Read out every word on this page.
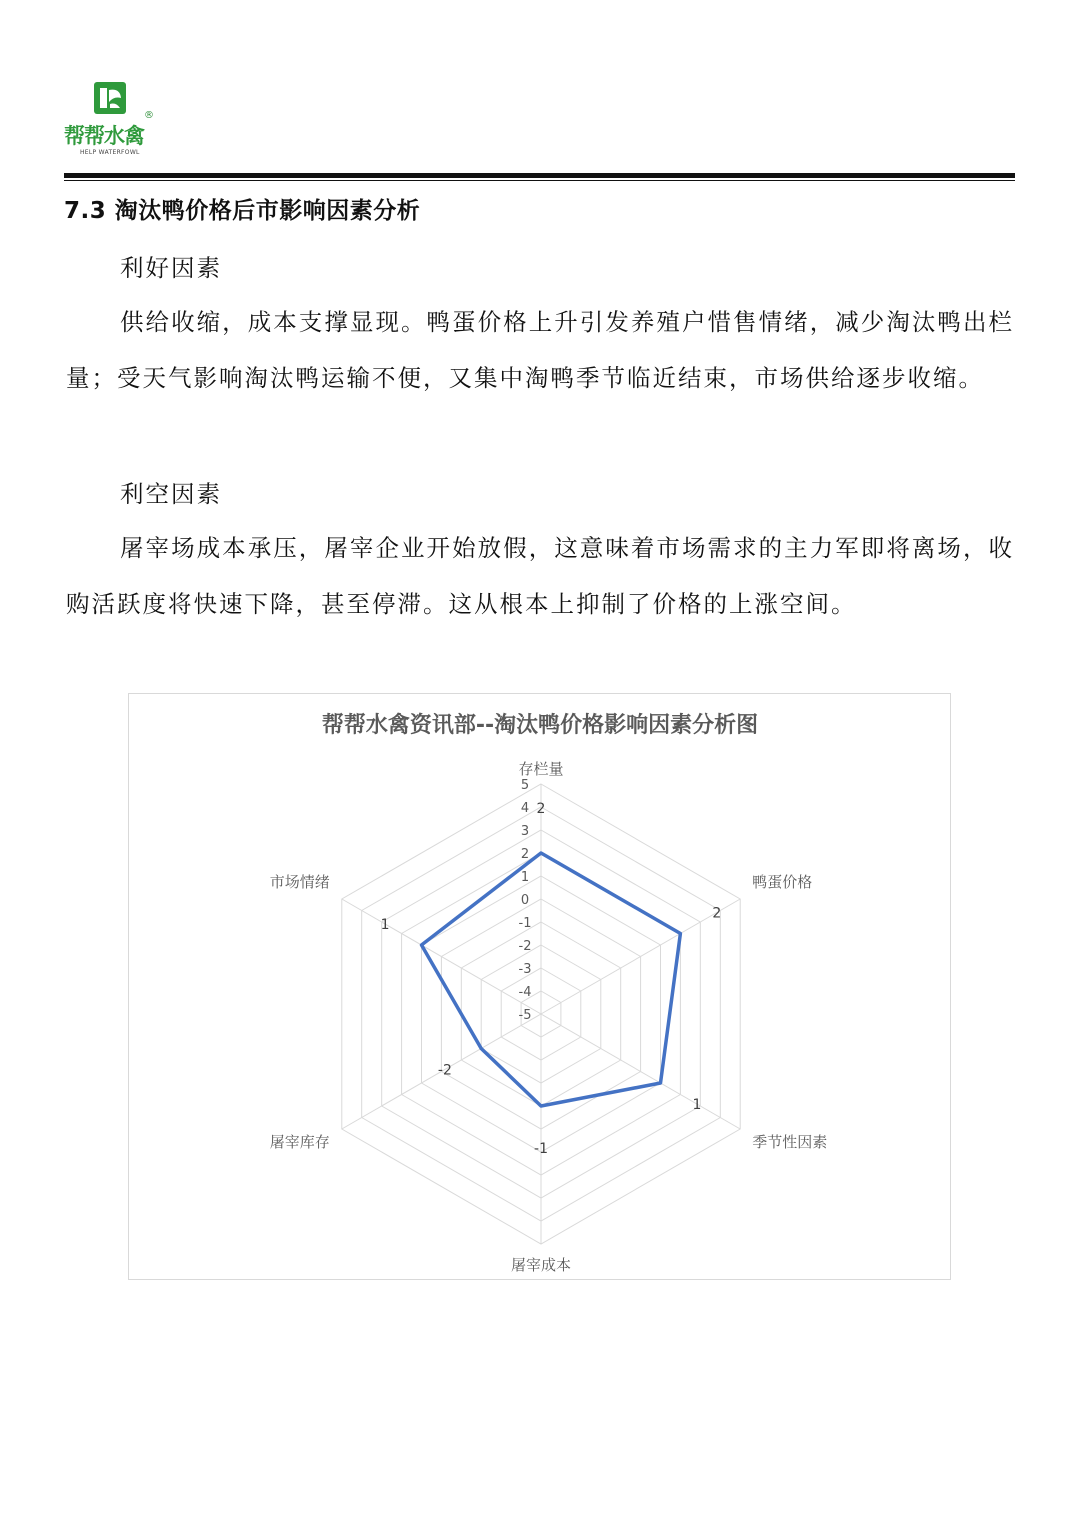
®
帮帮水禽
HELP WATERFOWL
7.3 淘汰鸭价格后市影响因素分析
利好因素

供给收缩，成本支撑显现。鸭蛋价格上升引发养殖户惜售情绪，减少淘汰鸭出栏量；受天气影响淘汰鸭运输不便，又集中淘鸭季节临近结束，市场供给逐步收缩。

利空因素

屠宰场成本承压，屠宰企业开始放假，这意味着市场需求的主力军即将离场，收购活跃度将快速下降，甚至停滞。这从根本上抑制了价格的上涨空间。

帮帮水禽资讯部--淘汰鸭价格影响因素分析图
5
4
3
2
1
0
-1
-2
-3
-4
-5
2
2
1
-1
-2
1
存栏量
鸭蛋价格
季节性因素
屠宰成本
屠宰库存
市场情绪
